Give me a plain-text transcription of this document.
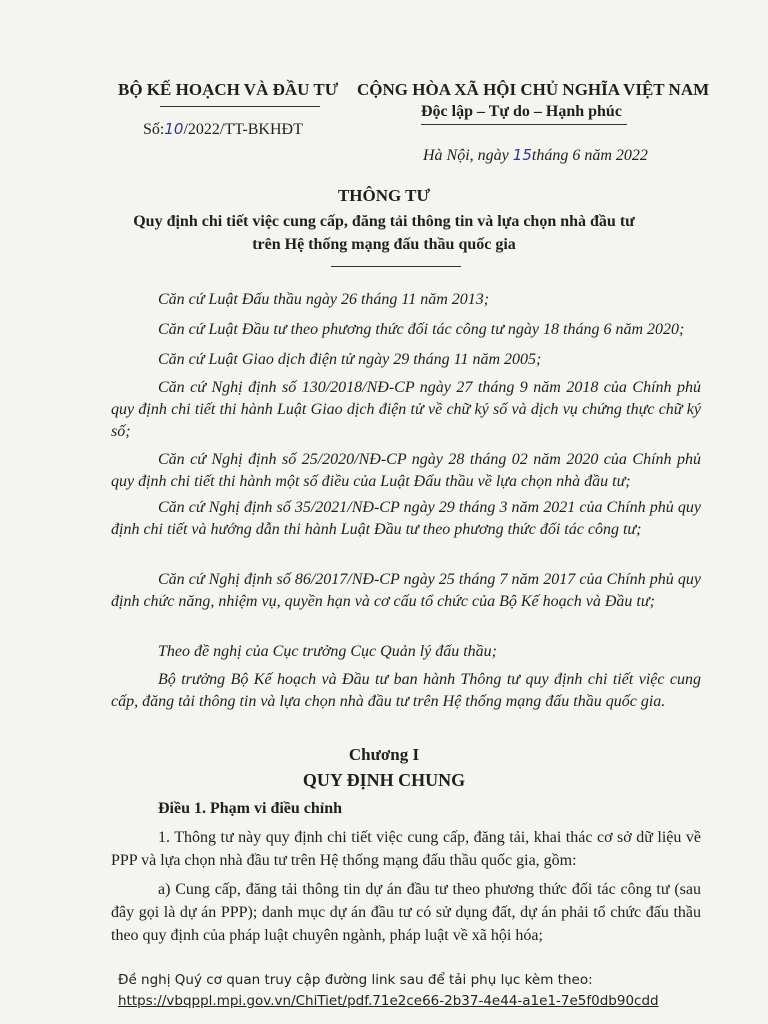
BỘ KẾ HOẠCH VÀ ĐẦU TƯ
Số:10/2022/TT-BKHĐT
CỘNG HÒA XÃ HỘI CHỦ NGHĨA VIỆT NAM
Độc lập – Tự do – Hạnh phúc
Hà Nội, ngày 15tháng 6 năm 2022
THÔNG TƯ
Quy định chi tiết việc cung cấp, đăng tải thông tin và lựa chọn nhà đầu tư
trên Hệ thống mạng đấu thầu quốc gia

Căn cứ Luật Đấu thầu ngày 26 tháng 11 năm 2013;

Căn cứ Luật Đầu tư theo phương thức đối tác công tư ngày 18 tháng 6 năm 2020;

Căn cứ Luật Giao dịch điện tử ngày 29 tháng 11 năm 2005;

Căn cứ Nghị định số 130/2018/NĐ-CP ngày 27 tháng 9 năm 2018 của Chính phủ quy định chi tiết thi hành Luật Giao dịch điện tử về chữ ký số và dịch vụ chứng thực chữ ký số;

Căn cứ Nghị định số 25/2020/NĐ-CP ngày 28 tháng 02 năm 2020 của Chính phủ quy định chi tiết thi hành một số điều của Luật Đấu thầu về lựa chọn nhà đầu tư;

Căn cứ Nghị định số 35/2021/NĐ-CP ngày 29 tháng 3 năm 2021 của Chính phủ quy định chi tiết và hướng dẫn thi hành Luật Đầu tư theo phương thức đối tác công tư;

Căn cứ Nghị định số 86/2017/NĐ-CP ngày 25 tháng 7 năm 2017 của Chính phủ quy định chức năng, nhiệm vụ, quyền hạn và cơ cấu tổ chức của Bộ Kế hoạch và Đầu tư;

Theo đề nghị của Cục trưởng Cục Quản lý đấu thầu;

Bộ trưởng Bộ Kế hoạch và Đầu tư ban hành Thông tư quy định chi tiết việc cung cấp, đăng tải thông tin và lựa chọn nhà đầu tư trên Hệ thống mạng đấu thầu quốc gia.

Chương I
QUY ĐỊNH CHUNG
Điều 1. Phạm vi điều chỉnh

1. Thông tư này quy định chi tiết việc cung cấp, đăng tải, khai thác cơ sở dữ liệu về PPP và lựa chọn nhà đầu tư trên Hệ thống mạng đấu thầu quốc gia, gồm:

a) Cung cấp, đăng tải thông tin dự án đầu tư theo phương thức đối tác công tư (sau đây gọi là dự án PPP); danh mục dự án đầu tư có sử dụng đất, dự án phải tổ chức đấu thầu theo quy định của pháp luật chuyên ngành, pháp luật về xã hội hóa;

Đề nghị Quý cơ quan truy cập đường link sau để tải phụ lục kèm theo:
https://vbqppl.mpi.gov.vn/ChiTiet/pdf.71e2ce66-2b37-4e44-a1e1-7e5f0db90cdd
